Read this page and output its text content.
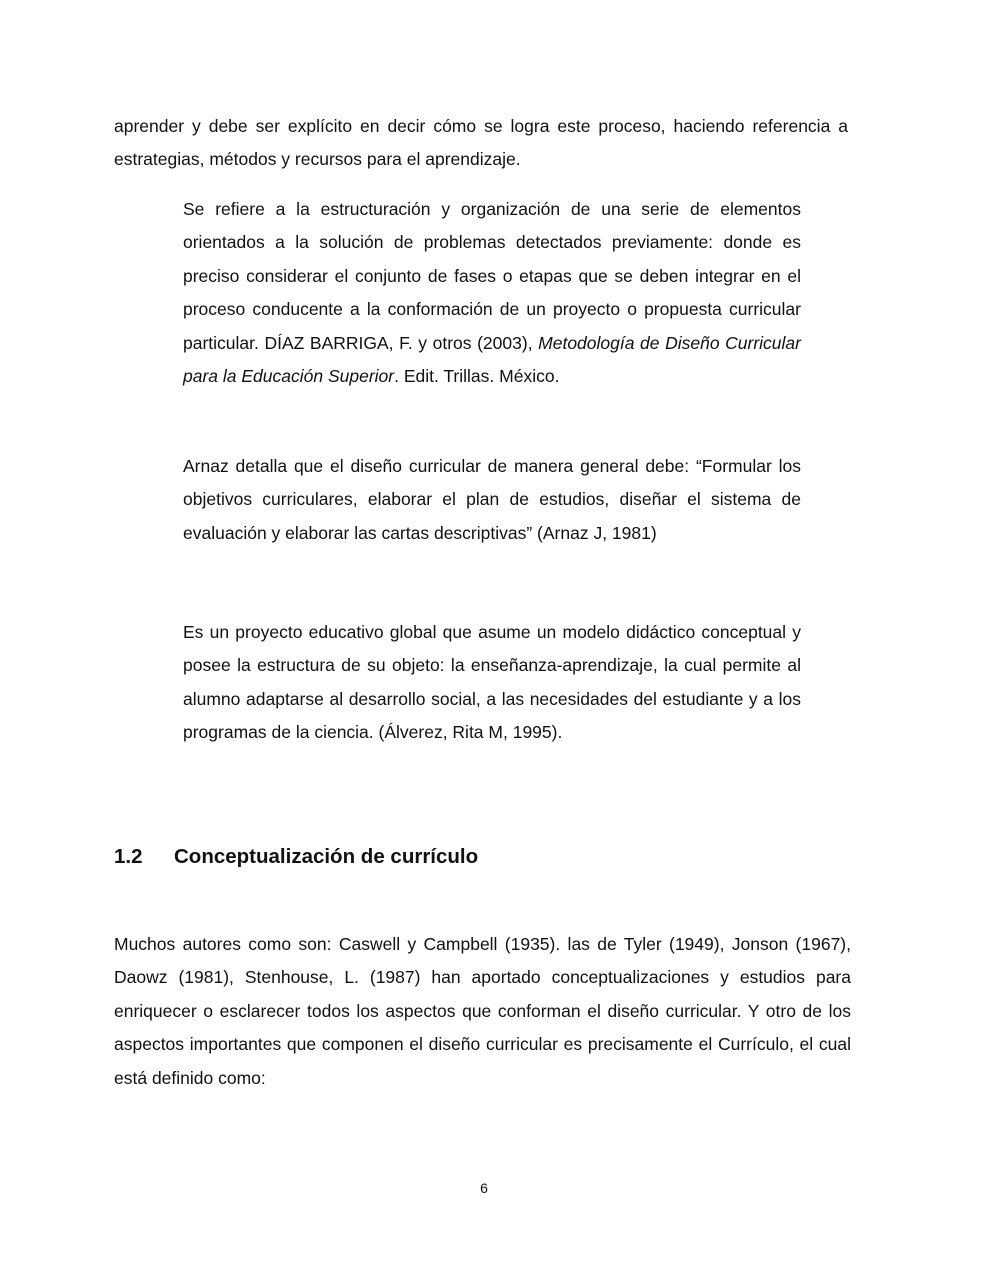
aprender y debe ser explícito en decir cómo se logra este proceso, haciendo referencia a estrategias, métodos y recursos para el aprendizaje.

Se refiere a la estructuración y organización de una serie de elementos orientados a la solución de problemas detectados previamente: donde es preciso considerar el conjunto de fases o etapas que se deben integrar en el proceso conducente a la conformación de un proyecto o propuesta curricular particular. DÍAZ BARRIGA, F. y otros (2003), Metodología de Diseño Curricular para la Educación Superior. Edit. Trillas. México.

Arnaz detalla que el diseño curricular de manera general debe: “Formular los objetivos curriculares, elaborar el plan de estudios, diseñar el sistema de evaluación y elaborar las cartas descriptivas” (Arnaz J, 1981)

Es un proyecto educativo global que asume un modelo didáctico conceptual y posee la estructura de su objeto: la enseñanza-aprendizaje, la cual permite al alumno adaptarse al desarrollo social, a las necesidades del estudiante y a los programas de la ciencia. (Álverez, Rita M, 1995).

1.2 Conceptualización de currículo

Muchos autores como son: Caswell y Campbell (1935). las de Tyler (1949), Jonson (1967), Daowz (1981), Stenhouse, L. (1987) han aportado conceptualizaciones y estudios para enriquecer o esclarecer todos los aspectos que conforman el diseño curricular. Y otro de los aspectos importantes que componen el diseño curricular es precisamente el Currículo, el cual está definido como:

6
